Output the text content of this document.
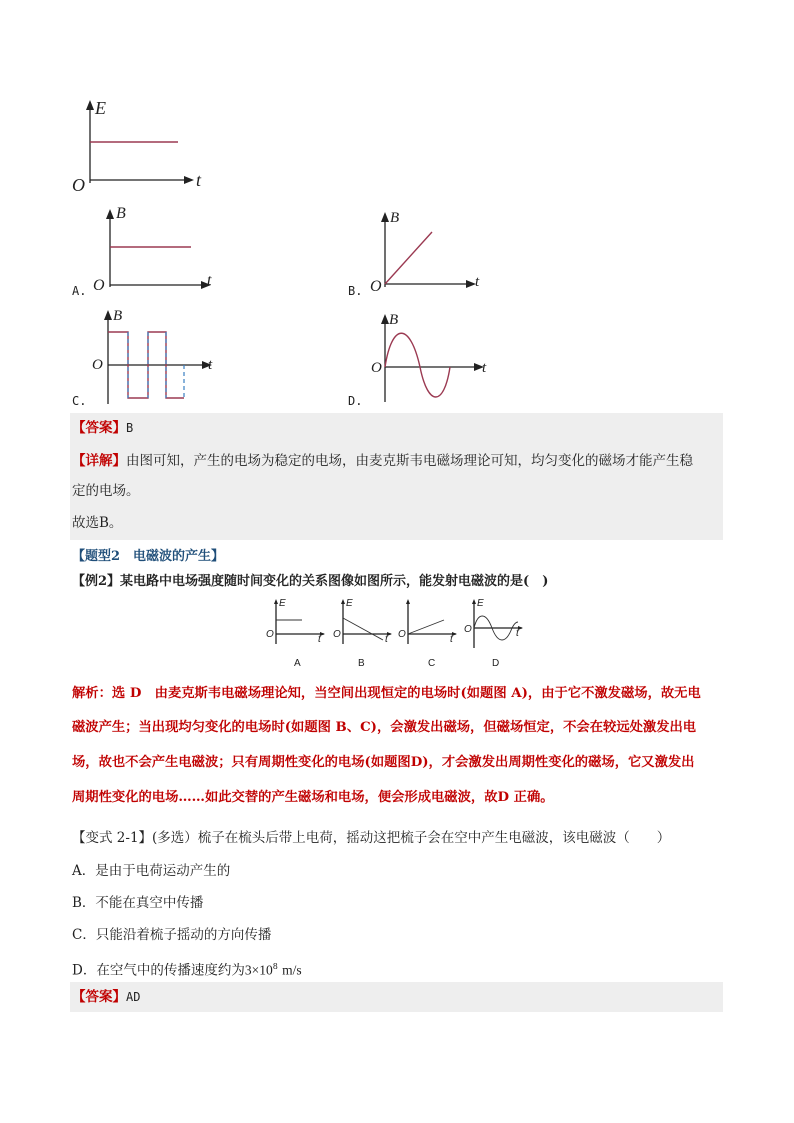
E
t
O
A.
B
t
O	B.
B
t
O
C.
B
t
O
D.
B
t
O
【答案】B
【详解】由图可知，产生的电场为稳定的电场，由麦克斯韦电磁场理论可知，均匀变化的磁场才能产生稳
定的电场。
故选B。
【题型2　电磁波的产生】
【例2】某电路中电场强度随时间变化的关系图像如图所示，能发射电磁波的是(　)
E
O	t
E
O	t O	t
E
O	t
A	B	C	D
解析：选 D　由麦克斯韦电磁场理论知，当空间出现恒定的电场时(如题图 A)，由于它不激发磁场，故无电
磁波产生；当出现均匀变化的电场时(如题图 B、C)，会激发出磁场，但磁场恒定，不会在较远处激发出电
场，故也不会产生电磁波；只有周期性变化的电场(如题图D)，才会激发出周期性变化的磁场，它又激发出
周期性变化的电场……如此交替的产生磁场和电场，便会形成电磁波，故D 正确。
【变式 2-1】(多选）梳子在梳头后带上电荷，摇动这把梳子会在空中产生电磁波，该电磁波（　　）
A．是由于电荷运动产生的
B．不能在真空中传播
C．只能沿着梳子摇动的方向传播
D．在空气中的传播速度约为$3\times 10^8$ m/s
【答案】AD
